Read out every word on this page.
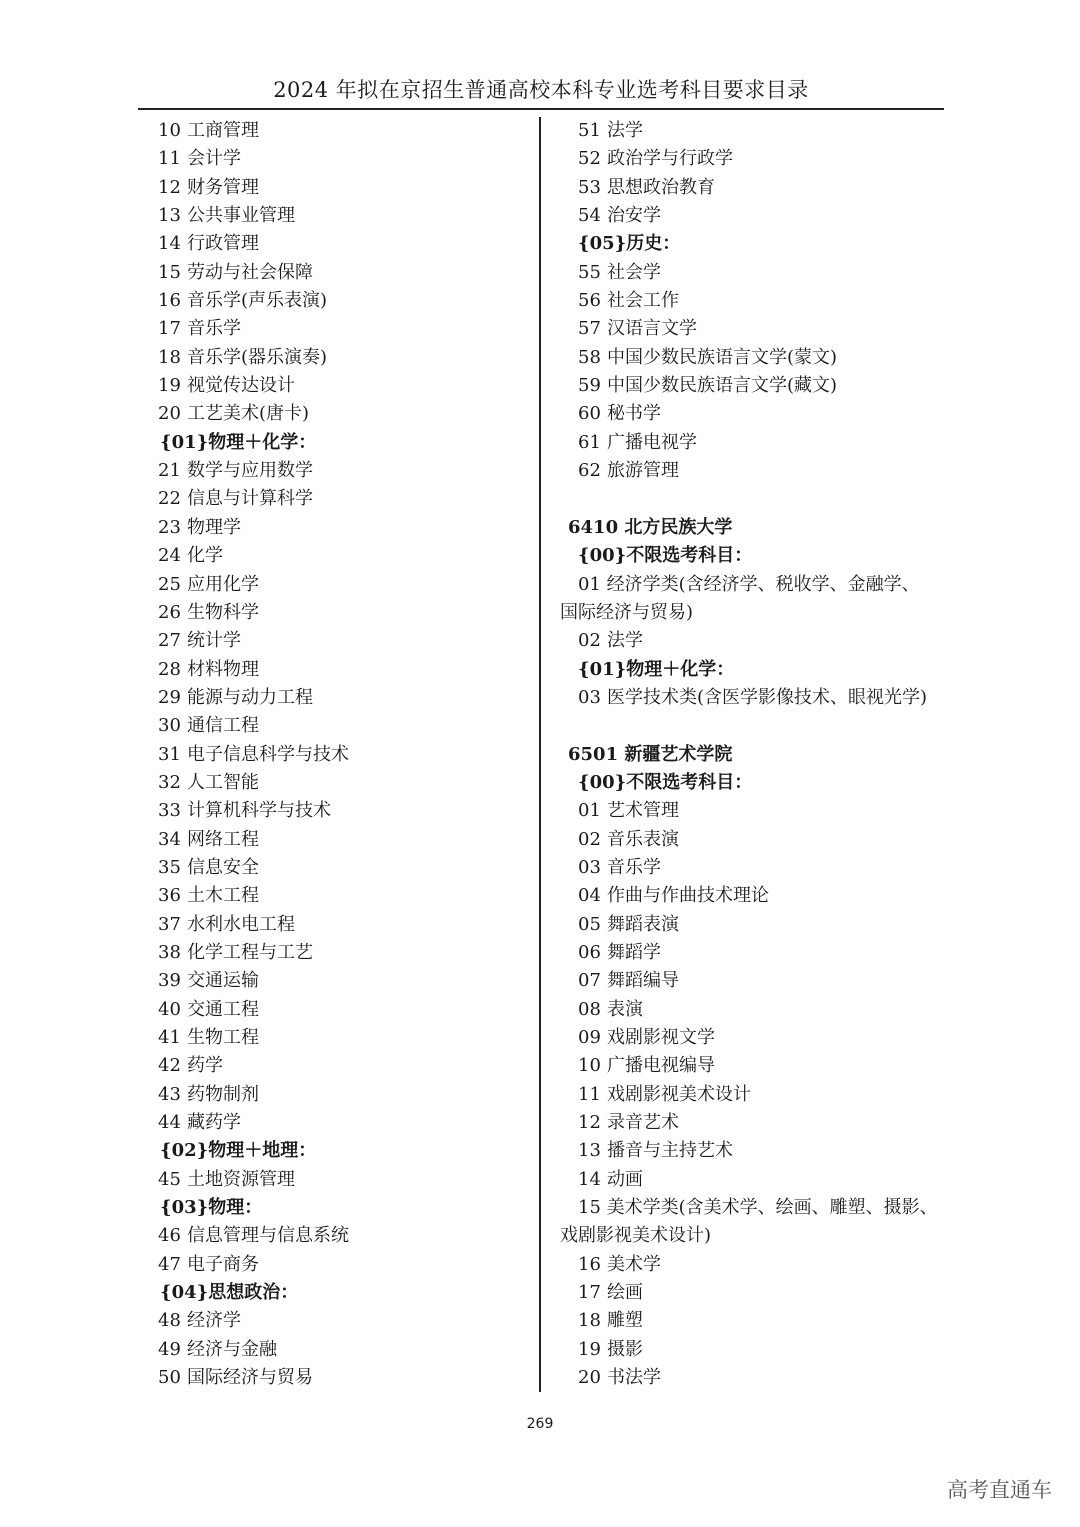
2024 年拟在京招生普通高校本科专业选考科目要求目录
10 工商管理
11 会计学
12 财务管理
13 公共事业管理
14 行政管理
15 劳动与社会保障
16 音乐学(声乐表演)
17 音乐学
18 音乐学(器乐演奏)
19 视觉传达设计
20 工艺美术(唐卡)
{01}物理＋化学：
21 数学与应用数学
22 信息与计算科学
23 物理学
24 化学
25 应用化学
26 生物科学
27 统计学
28 材料物理
29 能源与动力工程
30 通信工程
31 电子信息科学与技术
32 人工智能
33 计算机科学与技术
34 网络工程
35 信息安全
36 土木工程
37 水利水电工程
38 化学工程与工艺
39 交通运输
40 交通工程
41 生物工程
42 药学
43 药物制剂
44 藏药学
{02}物理＋地理：
45 土地资源管理
{03}物理：
46 信息管理与信息系统
47 电子商务
{04}思想政治：
48 经济学
49 经济与金融
50 国际经济与贸易
51 法学
52 政治学与行政学
53 思想政治教育
54 治安学
{05}历史：
55 社会学
56 社会工作
57 汉语言文学
58 中国少数民族语言文学(蒙文)
59 中国少数民族语言文学(藏文)
60 秘书学
61 广播电视学
62 旅游管理
6410 北方民族大学
{00}不限选考科目：
01 经济学类(含经济学、税收学、金融学、
国际经济与贸易)
02 法学
{01}物理＋化学：
03 医学技术类(含医学影像技术、眼视光学)
6501 新疆艺术学院
{00}不限选考科目：
01 艺术管理
02 音乐表演
03 音乐学
04 作曲与作曲技术理论
05 舞蹈表演
06 舞蹈学
07 舞蹈编导
08 表演
09 戏剧影视文学
10 广播电视编导
11 戏剧影视美术设计
12 录音艺术
13 播音与主持艺术
14 动画
15 美术学类(含美术学、绘画、雕塑、摄影、
戏剧影视美术设计)
16 美术学
17 绘画
18 雕塑
19 摄影
20 书法学
269
高考直通车
